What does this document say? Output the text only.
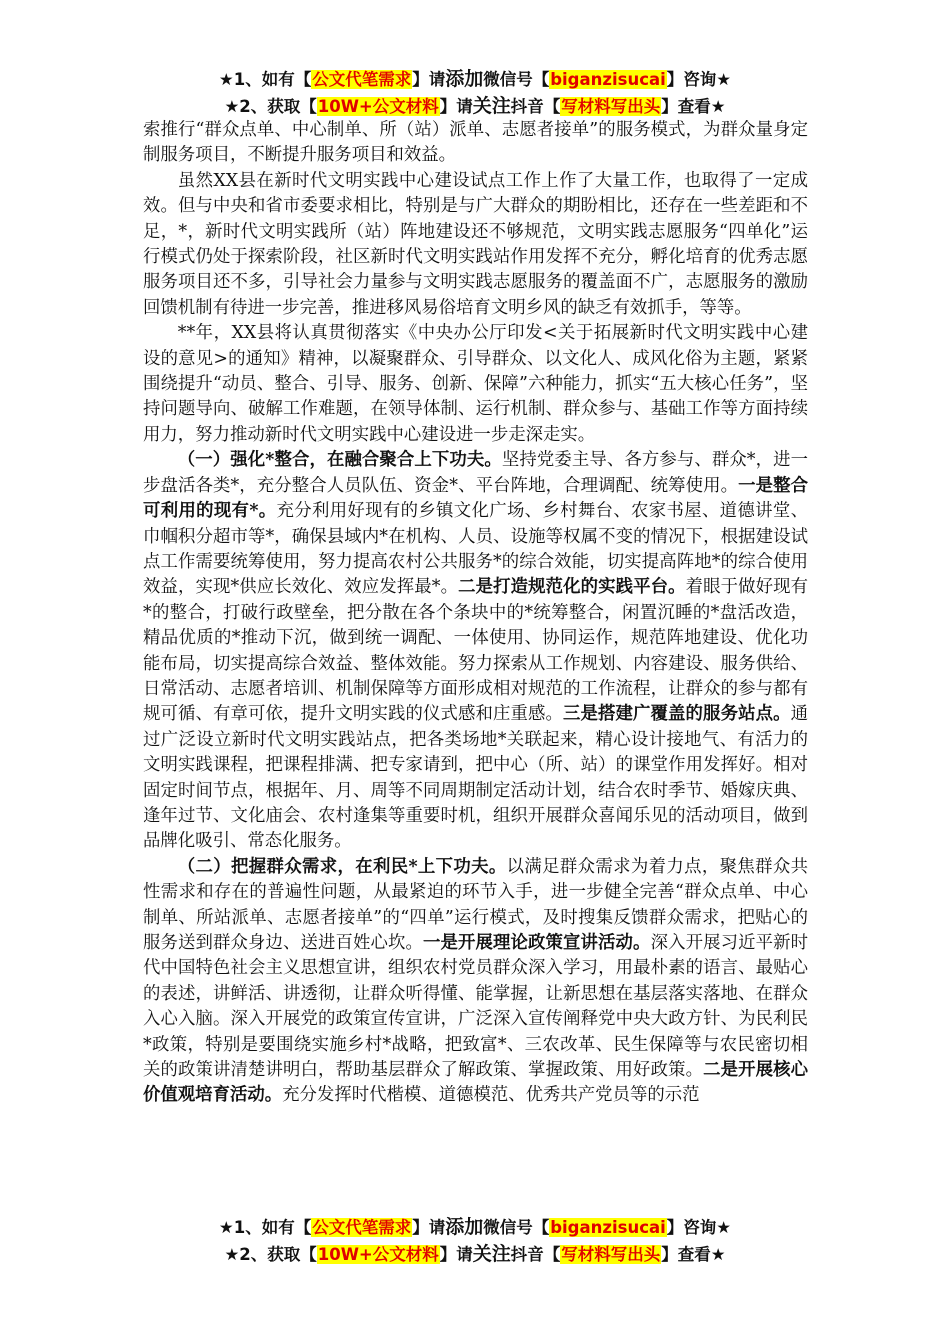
★1、如有【公文代笔需求】请添加微信号【biganzisucai】咨询★
★2、获取【10W+公文材料】请关注抖音【写材料写出头】查看★

索推行“群众点单、中心制单、所（站）派单、志愿者接单”的服务模式，为群众量身定制服务项目，不断提升服务项目和效益。

虽然XX县在新时代文明实践中心建设试点工作上作了大量工作，也取得了一定成效。但与中央和省市委要求相比，特别是与广大群众的期盼相比，还存在一些差距和不足，*，新时代文明实践所（站）阵地建设还不够规范，文明实践志愿服务“四单化”运行模式仍处于探索阶段，社区新时代文明实践站作用发挥不充分，孵化培育的优秀志愿服务项目还不多，引导社会力量参与文明实践志愿服务的覆盖面不广，志愿服务的激励回馈机制有待进一步完善，推进移风易俗培育文明乡风的缺乏有效抓手，等等。

**年，XX县将认真贯彻落实《中央办公厅印发<关于拓展新时代文明实践中心建设的意见>的通知》精神，以凝聚群众、引导群众、以文化人、成风化俗为主题，紧紧围绕提升“动员、整合、引导、服务、创新、保障”六种能力，抓实“五大核心任务”，坚持问题导向、破解工作难题，在领导体制、运行机制、群众参与、基础工作等方面持续用力，努力推动新时代文明实践中心建设进一步走深走实。

（一）强化*整合，在融合聚合上下功夫。坚持党委主导、各方参与、群众*，进一步盘活各类*，充分整合人员队伍、资金*、平台阵地，合理调配、统筹使用。一是整合可利用的现有*。充分利用好现有的乡镇文化广场、乡村舞台、农家书屋、道德讲堂、巾帼积分超市等*，确保县域内*在机构、人员、设施等权属不变的情况下，根据建设试点工作需要统筹使用，努力提高农村公共服务*的综合效能，切实提高阵地*的综合使用效益，实现*供应长效化、效应发挥最*。二是打造规范化的实践平台。着眼于做好现有*的整合，打破行政壁垒，把分散在各个条块中的*统筹整合，闲置沉睡的*盘活改造，精品优质的*推动下沉，做到统一调配、一体使用、协同运作，规范阵地建设、优化功能布局，切实提高综合效益、整体效能。努力探索从工作规划、内容建设、服务供给、日常活动、志愿者培训、机制保障等方面形成相对规范的工作流程，让群众的参与都有规可循、有章可依，提升文明实践的仪式感和庄重感。三是搭建广覆盖的服务站点。通过广泛设立新时代文明实践站点，把各类场地*关联起来，精心设计接地气、有活力的文明实践课程，把课程排满、把专家请到，把中心（所、站）的课堂作用发挥好。相对固定时间节点，根据年、月、周等不同周期制定活动计划，结合农时季节、婚嫁庆典、逢年过节、文化庙会、农村逢集等重要时机，组织开展群众喜闻乐见的活动项目，做到品牌化吸引、常态化服务。

（二）把握群众需求，在利民*上下功夫。以满足群众需求为着力点，聚焦群众共性需求和存在的普遍性问题，从最紧迫的环节入手，进一步健全完善“群众点单、中心制单、所站派单、志愿者接单”的“四单”运行模式，及时搜集反馈群众需求，把贴心的服务送到群众身边、送进百姓心坎。一是开展理论政策宣讲活动。深入开展习近平新时代中国特色社会主义思想宣讲，组织农村党员群众深入学习，用最朴素的语言、最贴心的表述，讲鲜活、讲透彻，让群众听得懂、能掌握，让新思想在基层落实落地、在群众入心入脑。深入开展党的政策宣传宣讲，广泛深入宣传阐释党中央大政方针、为民利民*政策，特别是要围绕实施乡村*战略，把致富*、三农改革、民生保障等与农民密切相关的政策讲清楚讲明白，帮助基层群众了解政策、掌握政策、用好政策。二是开展核心价值观培育活动。充分发挥时代楷模、道德模范、优秀共产党员等的示范

★1、如有【公文代笔需求】请添加微信号【biganzisucai】咨询★
★2、获取【10W+公文材料】请关注抖音【写材料写出头】查看★
